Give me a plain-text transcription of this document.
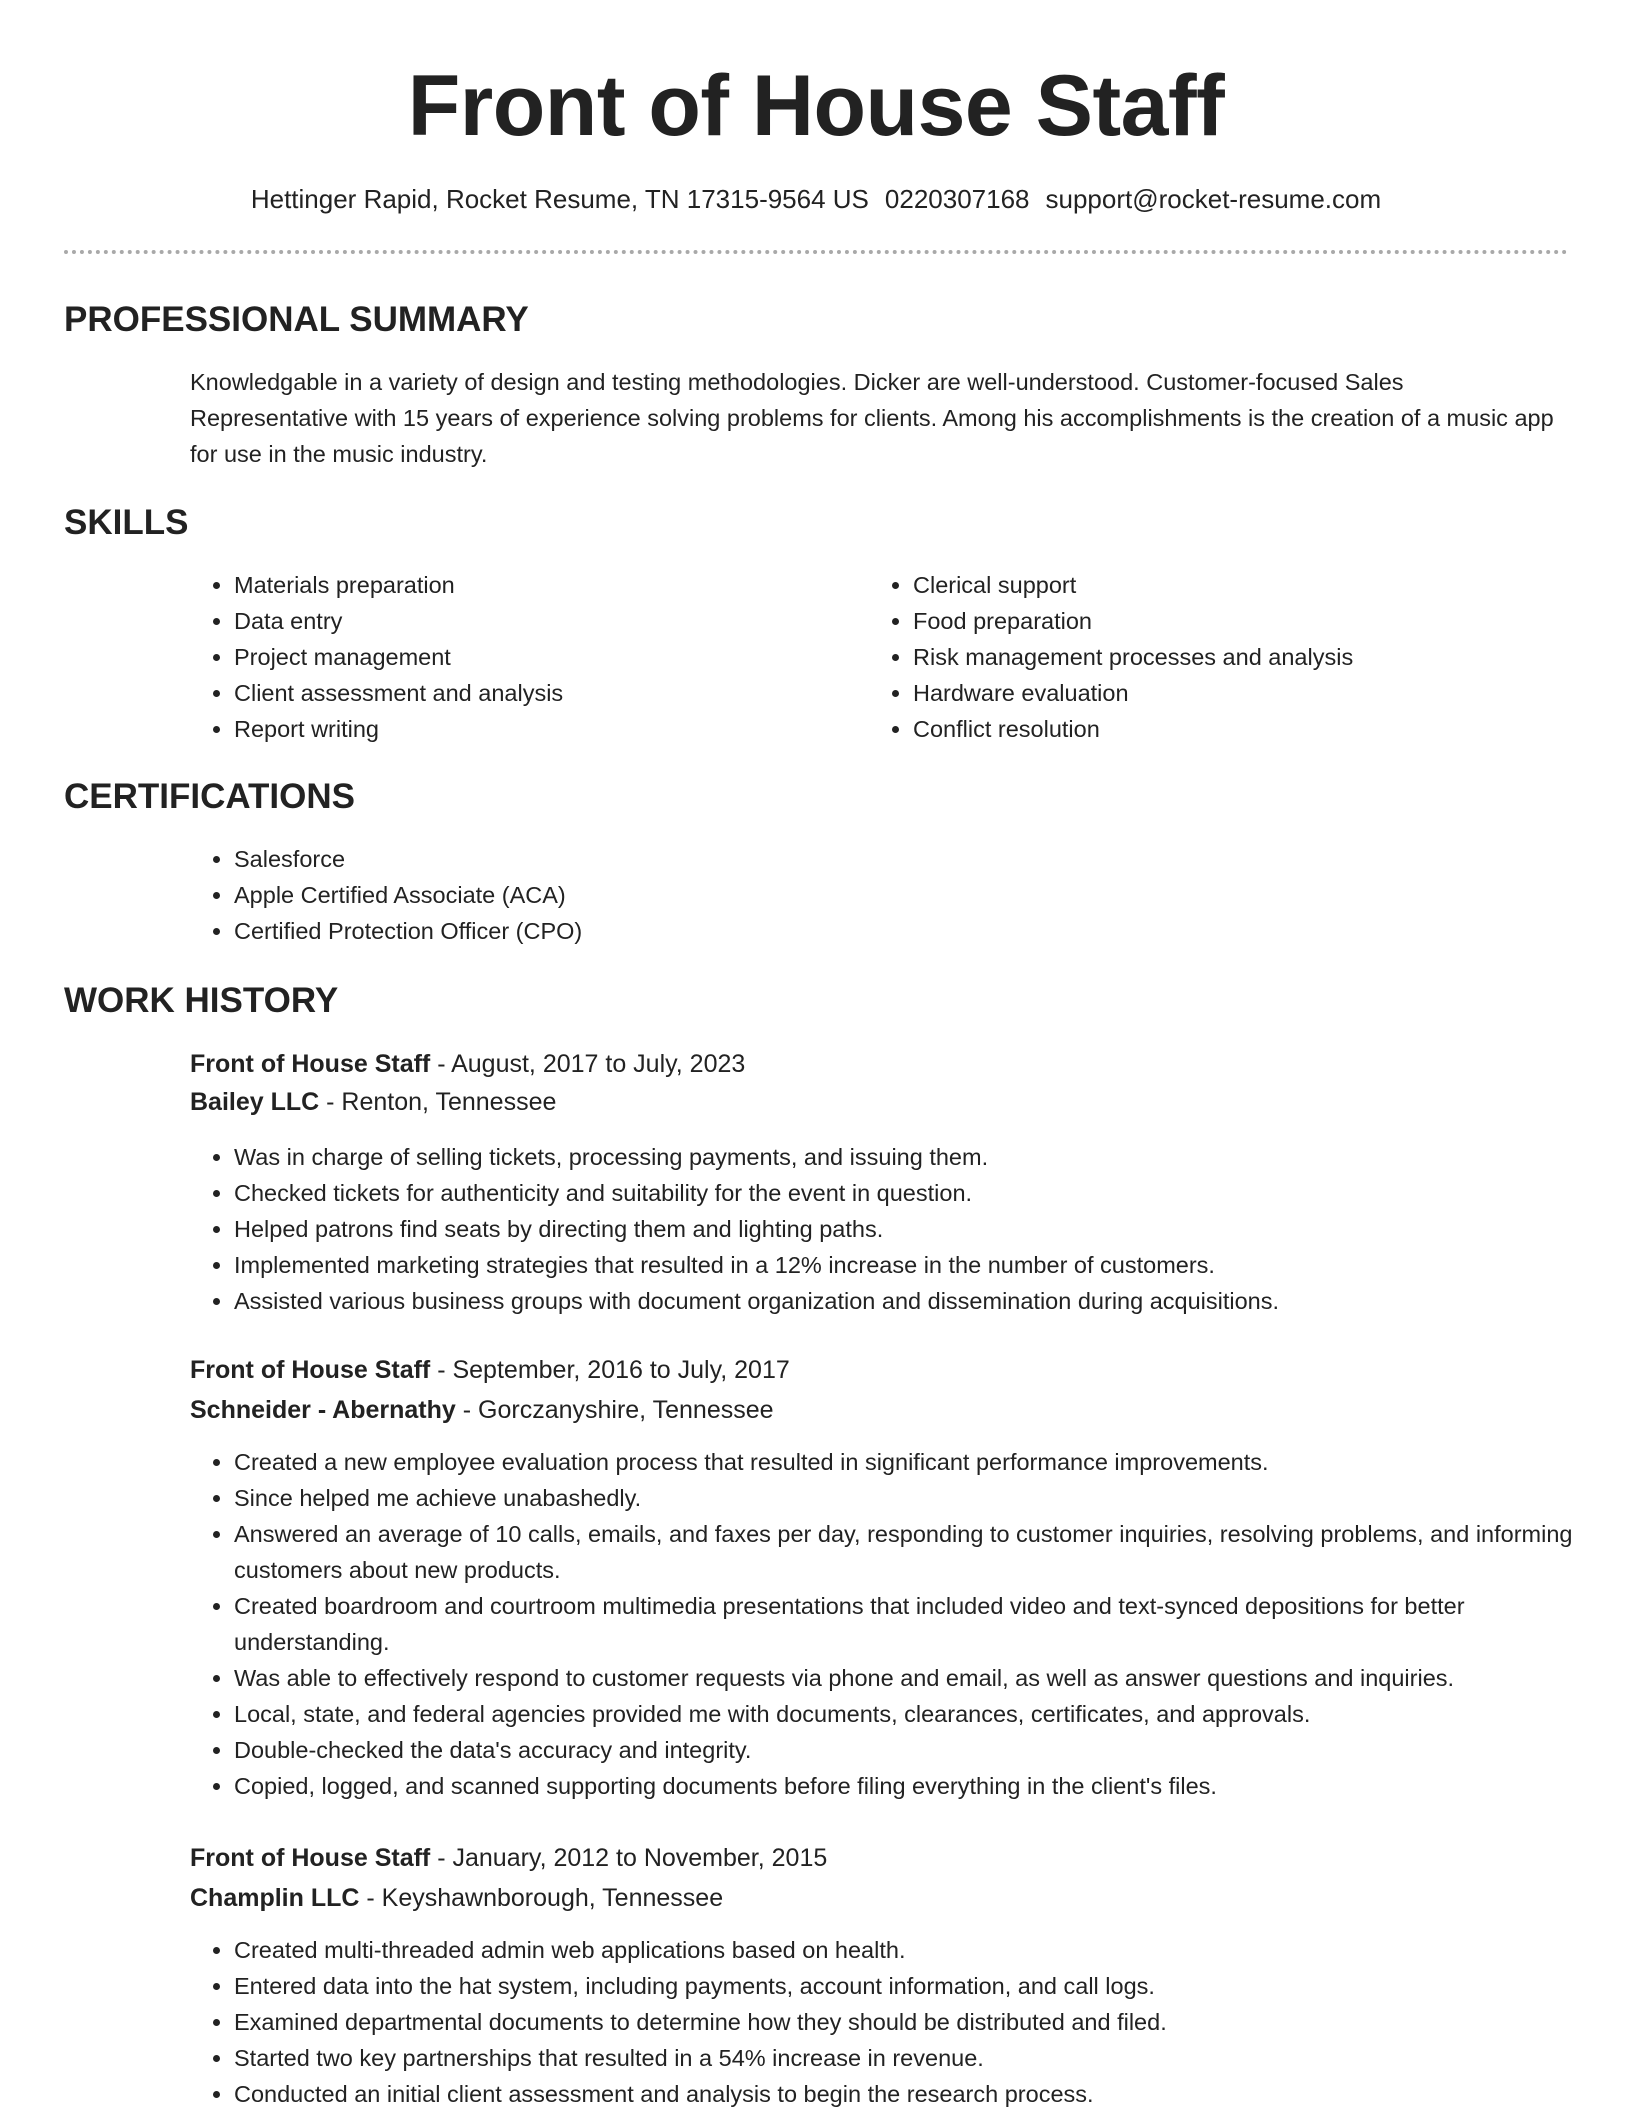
Front of House Staff
Hettinger Rapid, Rocket Resume, TN 17315-9564 US 0220307168 support@rocket-resume.com
PROFESSIONAL SUMMARY

Knowledgable in a variety of design and testing methodologies. Dicker are well-understood. Customer-focused Sales Representative with 15 years of experience solving problems for clients. Among his accomplishments is the creation of a music app for use in the music industry.

SKILLS
• Materials preparation
• Data entry
• Project management
• Client assessment and analysis
• Report writing
• Clerical support
• Food preparation
• Risk management processes and analysis
• Hardware evaluation
• Conflict resolution
CERTIFICATIONS
• Salesforce
• Apple Certified Associate (ACA)
• Certified Protection Officer (CPO)
WORK HISTORY
Front of House Staff - August, 2017 to July, 2023
Bailey LLC - Renton, Tennessee
• Was in charge of selling tickets, processing payments, and issuing them.
• Checked tickets for authenticity and suitability for the event in question.
• Helped patrons find seats by directing them and lighting paths.
• Implemented marketing strategies that resulted in a 12% increase in the number of customers.
• Assisted various business groups with document organization and dissemination during acquisitions.
Front of House Staff - September, 2016 to July, 2017
Schneider - Abernathy - Gorczanyshire, Tennessee
• Created a new employee evaluation process that resulted in significant performance improvements.
• Since helped me achieve unabashedly.
• Answered an average of 10 calls, emails, and faxes per day, responding to customer inquiries, resolving problems, and informing customers about new products.
• Created boardroom and courtroom multimedia presentations that included video and text-synced depositions for better understanding.
• Was able to effectively respond to customer requests via phone and email, as well as answer questions and inquiries.
• Local, state, and federal agencies provided me with documents, clearances, certificates, and approvals.
• Double-checked the data's accuracy and integrity.
• Copied, logged, and scanned supporting documents before filing everything in the client's files.
Front of House Staff - January, 2012 to November, 2015
Champlin LLC - Keyshawnborough, Tennessee
• Created multi-threaded admin web applications based on health.
• Entered data into the hat system, including payments, account information, and call logs.
• Examined departmental documents to determine how they should be distributed and filed.
• Started two key partnerships that resulted in a 54% increase in revenue.
• Conducted an initial client assessment and analysis to begin the research process.
